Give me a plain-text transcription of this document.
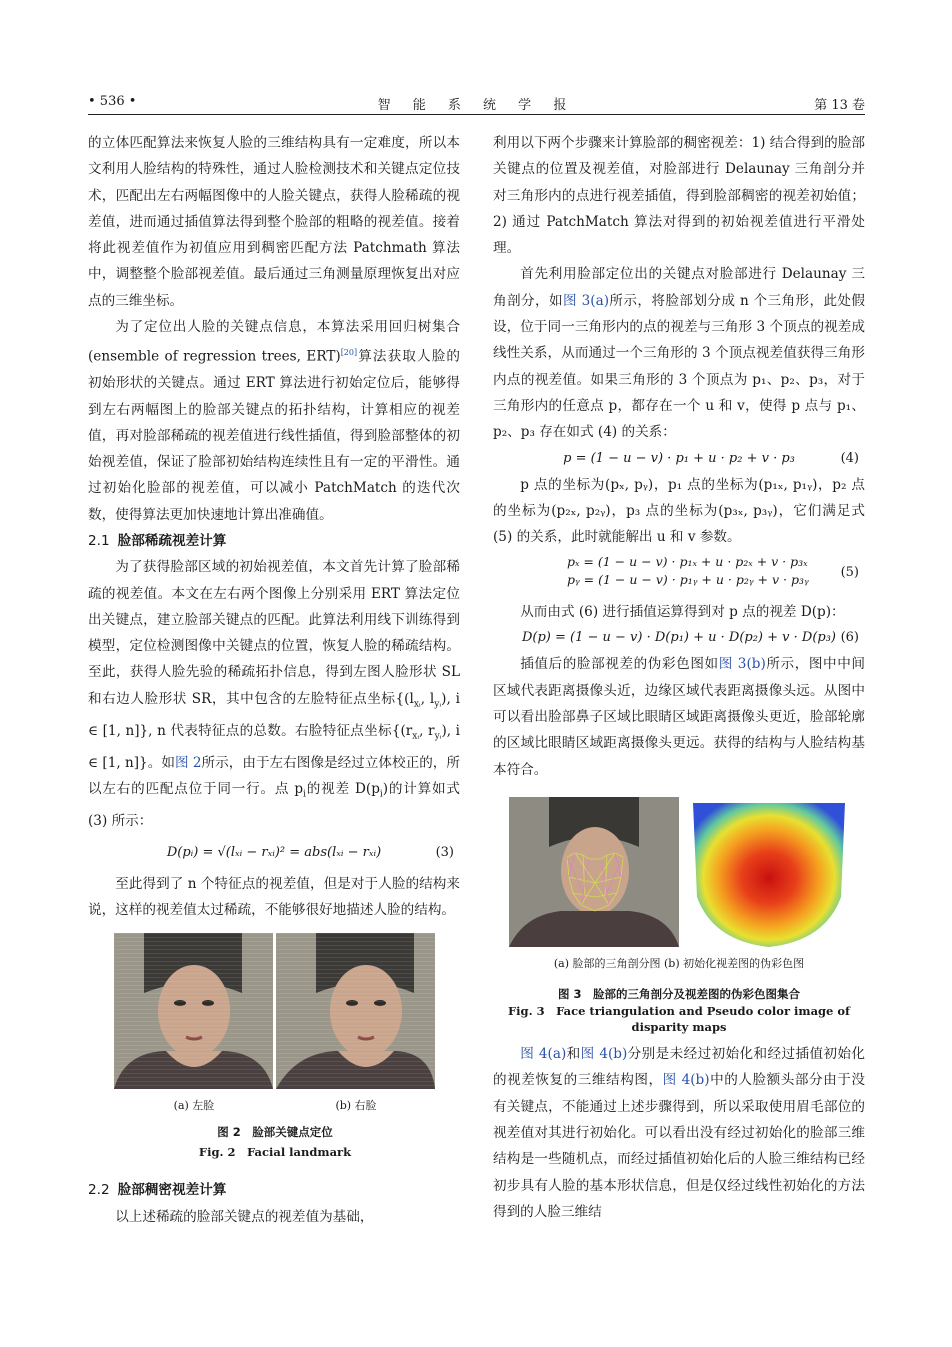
• 536 •	智 能 系 统 学 报	第 13 卷

的立体匹配算法来恢复人脸的三维结构具有一定难度，所以本文利用人脸结构的特殊性，通过人脸检测技术和关键点定位技术，匹配出左右两幅图像中的人脸关键点，获得人脸稀疏的视差值，进而通过插值算法得到整个脸部的粗略的视差值。接着将此视差值作为初值应用到稠密匹配方法 Patchmath 算法中，调整整个脸部视差值。最后通过三角测量原理恢复出对应点的三维坐标。

为了定位出人脸的关键点信息，本算法采用回归树集合 (ensemble of regression trees, ERT)[20]算法获取人脸的初始形状的关键点。通过 ERT 算法进行初始定位后，能够得到左右两幅图上的脸部关键点的拓扑结构，计算相应的视差值，再对脸部稀疏的视差值进行线性插值，得到脸部整体的初始视差值，保证了脸部初始结构连续性且有一定的平滑性。通过初始化脸部的视差值，可以减小 PatchMatch 的迭代次数，使得算法更加快速地计算出准确值。

2.1 脸部稀疏视差计算

为了获得脸部区域的初始视差值，本文首先计算了脸部稀疏的视差值。本文在左右两个图像上分别采用 ERT 算法定位出关键点，建立脸部关键点的匹配。此算法利用线下训练得到模型，定位检测图像中关键点的位置，恢复人脸的稀疏结构。至此，获得人脸先验的稀疏拓扑信息，得到左图人脸形状 SL 和右边人脸形状 SR，其中包含的左脸特征点坐标{($l_{xᵢ}$, $l_{yᵢ}$), i ∈ [1, n]}, n 代表特征点的总数。右脸特征点坐标{($r_{xᵢ}$, $r_{yᵢ}$), i ∈ [1, n]}。如图 2所示，由于左右图像是经过立体校正的，所以左右的匹配点位于同一行。点 $p_i$的视差 $D(p_i)$的计算如式 (3) 所示：

D(pᵢ) = √(lₓᵢ − rₓᵢ)² = abs(lₓᵢ − rₓᵢ)	(3)

至此得到了 n 个特征点的视差值，但是对于人脸的结构来说，这样的视差值太过稀疏，不能够很好地描述人脸的结构。

(a) 左脸	(b) 右脸
图 2　脸部关键点定位
Fig. 2　Facial landmark
2.2 脸部稠密视差计算

以上述稀疏的脸部关键点的视差值为基础，

利用以下两个步骤来计算脸部的稠密视差：1) 结合得到的脸部关键点的位置及视差值，对脸部进行 Delaunay 三角剖分并对三角形内的点进行视差插值，得到脸部稠密的视差初始值；2) 通过 PatchMatch 算法对得到的初始视差值进行平滑处理。

首先利用脸部定位出的关键点对脸部进行 Delaunay 三角剖分，如图 3(a)所示，将脸部划分成 n 个三角形，此处假设，位于同一三角形内的点的视差与三角形 3 个顶点的视差成线性关系，从而通过一个三角形的 3 个顶点视差值获得三角形内点的视差值。如果三角形的 3 个顶点为 p₁、p₂、p₃，对于三角形内的任意点 p，都存在一个 u 和 v，使得 p 点与 p₁、p₂、p₃ 存在如式 (4) 的关系：

p = (1 − u − v) · p₁ + u · p₂ + v · p₃	(4)

p 点的坐标为(pₓ, pᵧ)，p₁ 点的坐标为(p₁ₓ, p₁ᵧ)，p₂ 点的坐标为(p₂ₓ, p₂ᵧ)，p₃ 点的坐标为(p₃ₓ, p₃ᵧ)，它们满足式 (5) 的关系，此时就能解出 u 和 v 参数。

pₓ = (1 − u − v) · p₁ₓ + u · p₂ₓ + v · p₃ₓ
pᵧ = (1 − u − v) · p₁ᵧ + u · p₂ᵧ + v · p₃ᵧ	(5)

从而由式 (6) 进行插值运算得到对 p 点的视差 D(p)：

D(p) = (1 − u − v) · D(p₁) + u · D(p₂) + v · D(p₃) (6)

插值后的脸部视差的伪彩色图如图 3(b)所示，图中中间区域代表距离摄像头近，边缘区域代表距离摄像头远。从图中可以看出脸部鼻子区域比眼睛区域距离摄像头更近，脸部轮廓的区域比眼睛区域距离摄像头更远。获得的结构与人脸结构基本符合。

(a) 脸部的三角剖分图 (b) 初始化视差图的伪彩色图
图 3　脸部的三角剖分及视差图的伪彩色图集合
Fig. 3　Face triangulation and Pseudo color image of disparity maps

图 4(a)和图 4(b)分别是未经过初始化和经过插值初始化的视差恢复的三维结构图，图 4(b)中的人脸额头部分由于没有关键点，不能通过上述步骤得到，所以采取使用眉毛部位的视差值对其进行初始化。可以看出没有经过初始化的脸部三维结构是一些随机点，而经过插值初始化后的人脸三维结构已经初步具有人脸的基本形状信息，但是仅经过线性初始化的方法得到的人脸三维结
